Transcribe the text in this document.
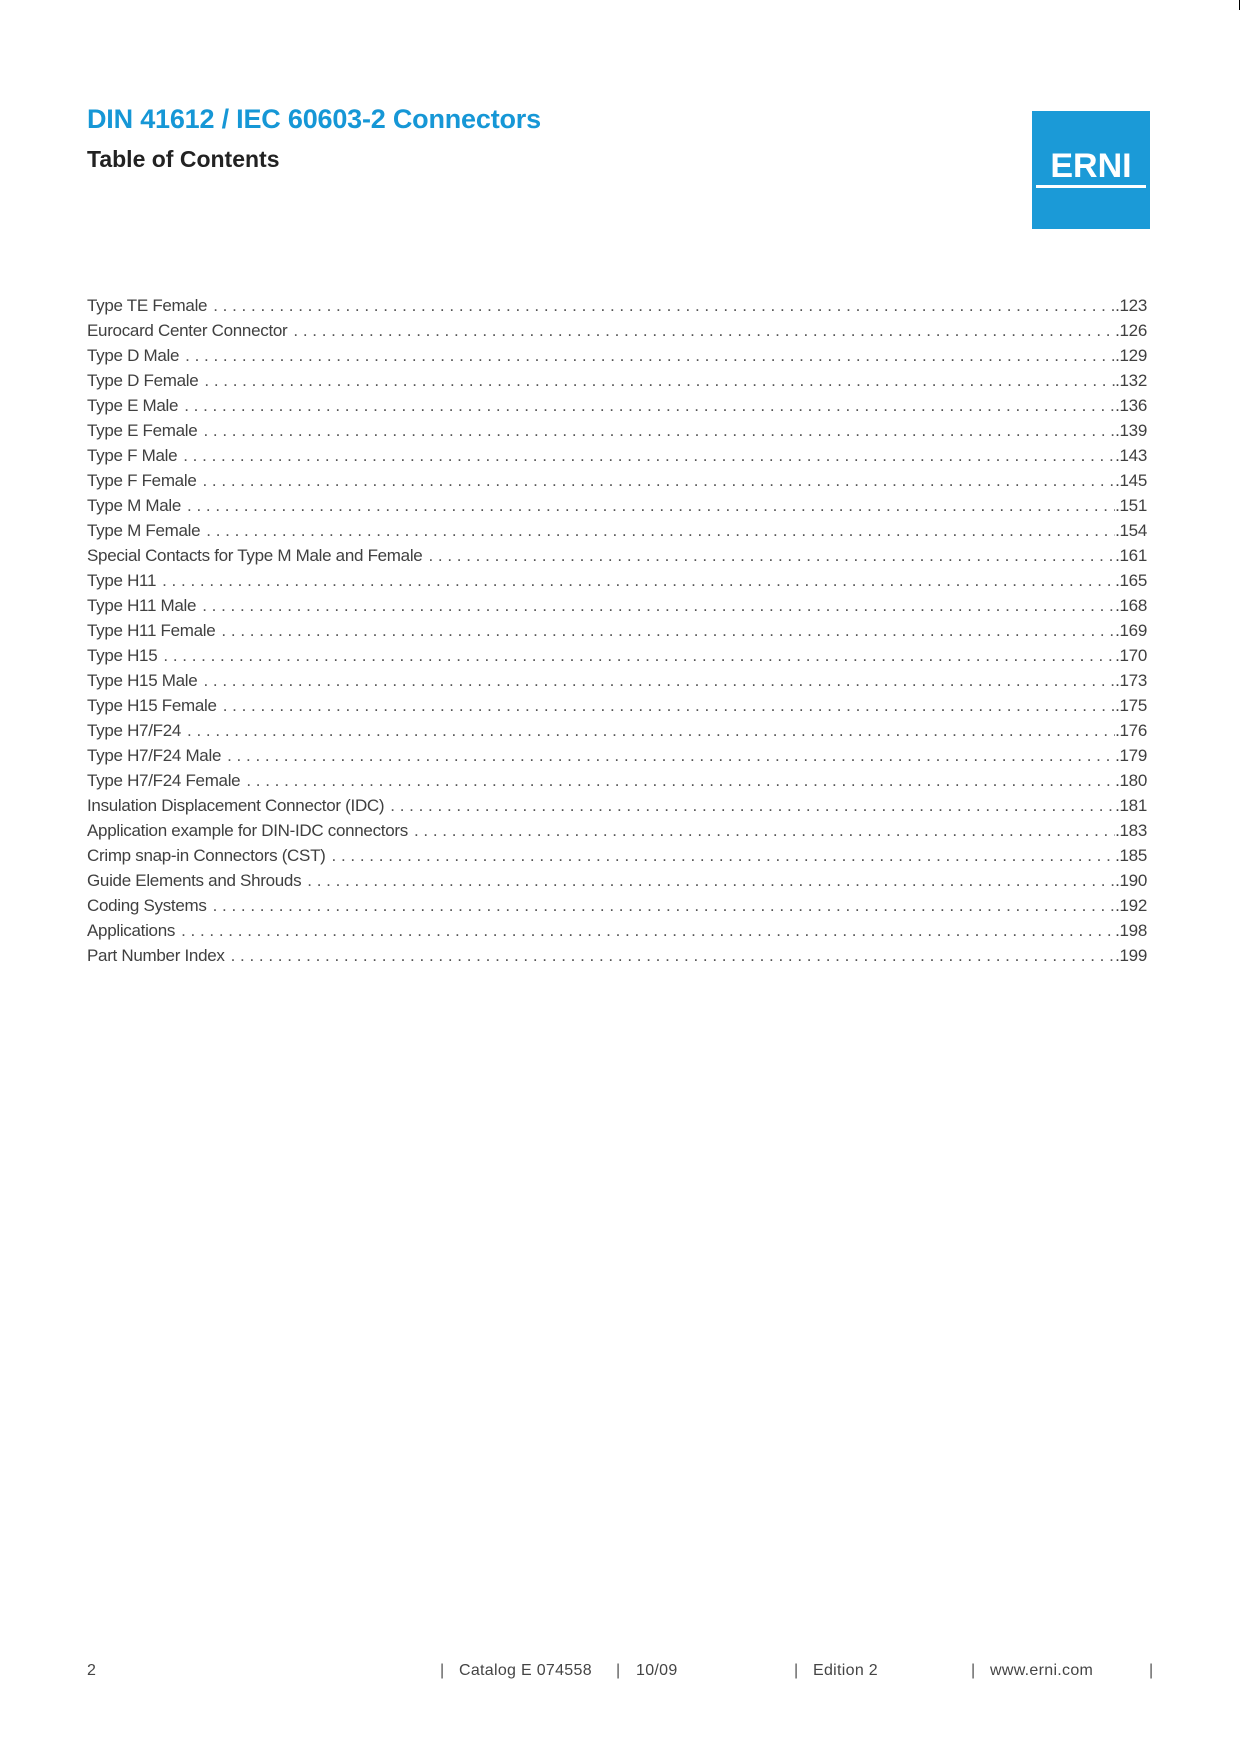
DIN 41612 / IEC 60603-2 Connectors
Table of Contents	ERNI
Type TE Female . . .	. 123
Eurocard Center Connector . . .	. 126
Type D Male . . .	. 129
Type D Female . . .	. 132
Type E Male . . .	. 136
Type E Female . . .	. 139
Type F Male . . .	. 143
Type F Female . . .	. 145
Type M Male . . .	. 151
Type M Female . . .	. 154
Special Contacts for Type M Male and Female . . .	. 161
Type H11 . . .	. 165
Type H11 Male . . .	. 168
Type H11 Female . . .	. 169
Type H15 . . .	. 170
Type H15 Male . . .	. 173
Type H15 Female . . .	. 175
Type H7/F24 . . .	. 176
Type H7/F24 Male . . .	. 179
Type H7/F24 Female . . .	. 180
Insulation Displacement Connector (IDC) . . .	. 181
Application example for DIN-IDC connectors . . .	. 183
Crimp snap-in Connectors (CST) . . .	. 185
Guide Elements and Shrouds . . .	. 190
Coding Systems . . .	. 192
Applications . . .	. 198
Part Number Index . . .	. 199
2	| Catalog E 074558 | 10/09	| Edition 2	| www.erni.com	|
